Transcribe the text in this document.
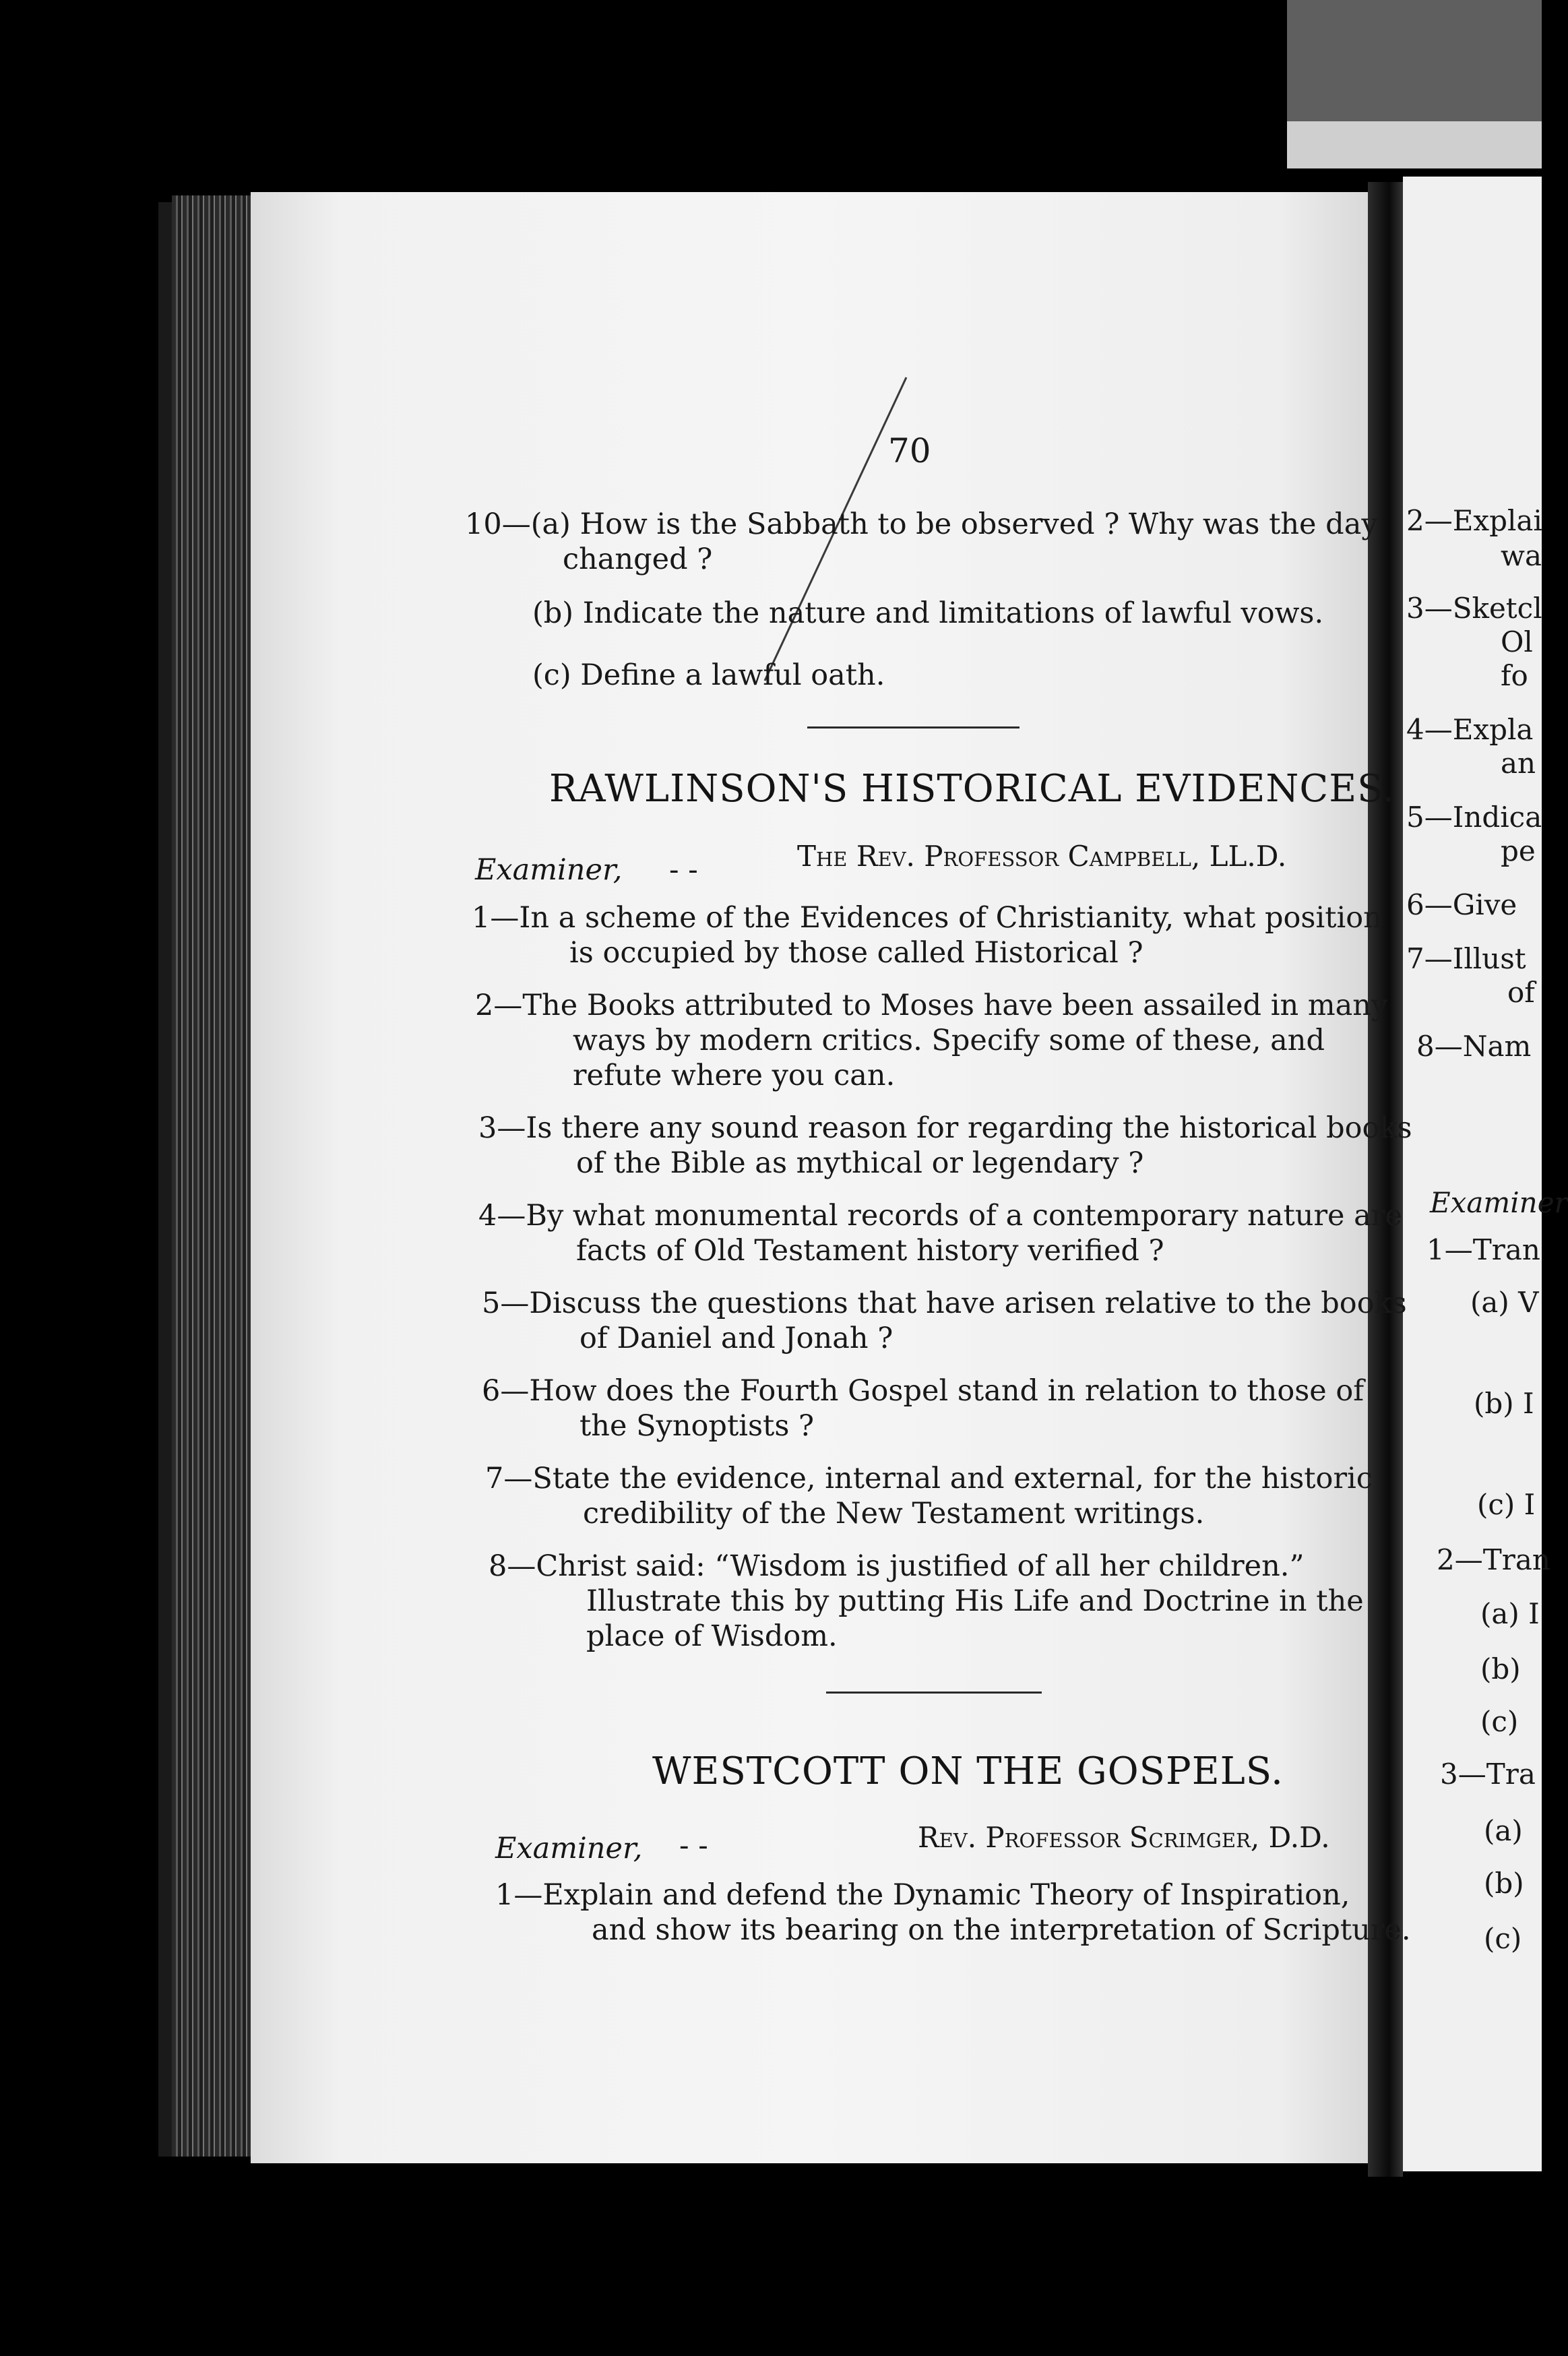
2—Explai
wa
3—Sketcl
Ol
fo
4—Expla
an
5—Indica
pe
6—Give
7—Illust
of
8—Nam
Examiner
1—Tran
(a) V
(b) I
(c) I
2—Tran
(a) I
(b)
(c)
3—Tra
(a)
(b)
(c)
70
10—(a) How is the Sabbath to be observed ? Why was the day
changed ?
(b) Indicate the nature and limitations of lawful vows.
(c) Define a lawful oath.
RAWLINSON'S HISTORICAL EVIDENCES.
Examiner, - -	The Rev. Professor Campbell, LL.D.
1—In a scheme of the Evidences of Christianity, what position
is occupied by those called Historical ?
2—The Books attributed to Moses have been assailed in many
ways by modern critics. Specify some of these, and
refute where you can.
3—Is there any sound reason for regarding the historical books
of the Bible as mythical or legendary ?
4—By what monumental records of a contemporary nature are
facts of Old Testament history verified ?
5—Discuss the questions that have arisen relative to the books
of Daniel and Jonah ?
6—How does the Fourth Gospel stand in relation to those of
the Synoptists ?
7—State the evidence, internal and external, for the historic
credibility of the New Testament writings.
8—Christ said: “Wisdom is justified of all her children.”
Illustrate this by putting His Life and Doctrine in the
place of Wisdom.
WESTCOTT ON THE GOSPELS.
Examiner, - -	Rev. Professor Scrimger, D.D.
1—Explain and defend the Dynamic Theory of Inspiration,
and show its bearing on the interpretation of Scripture.
